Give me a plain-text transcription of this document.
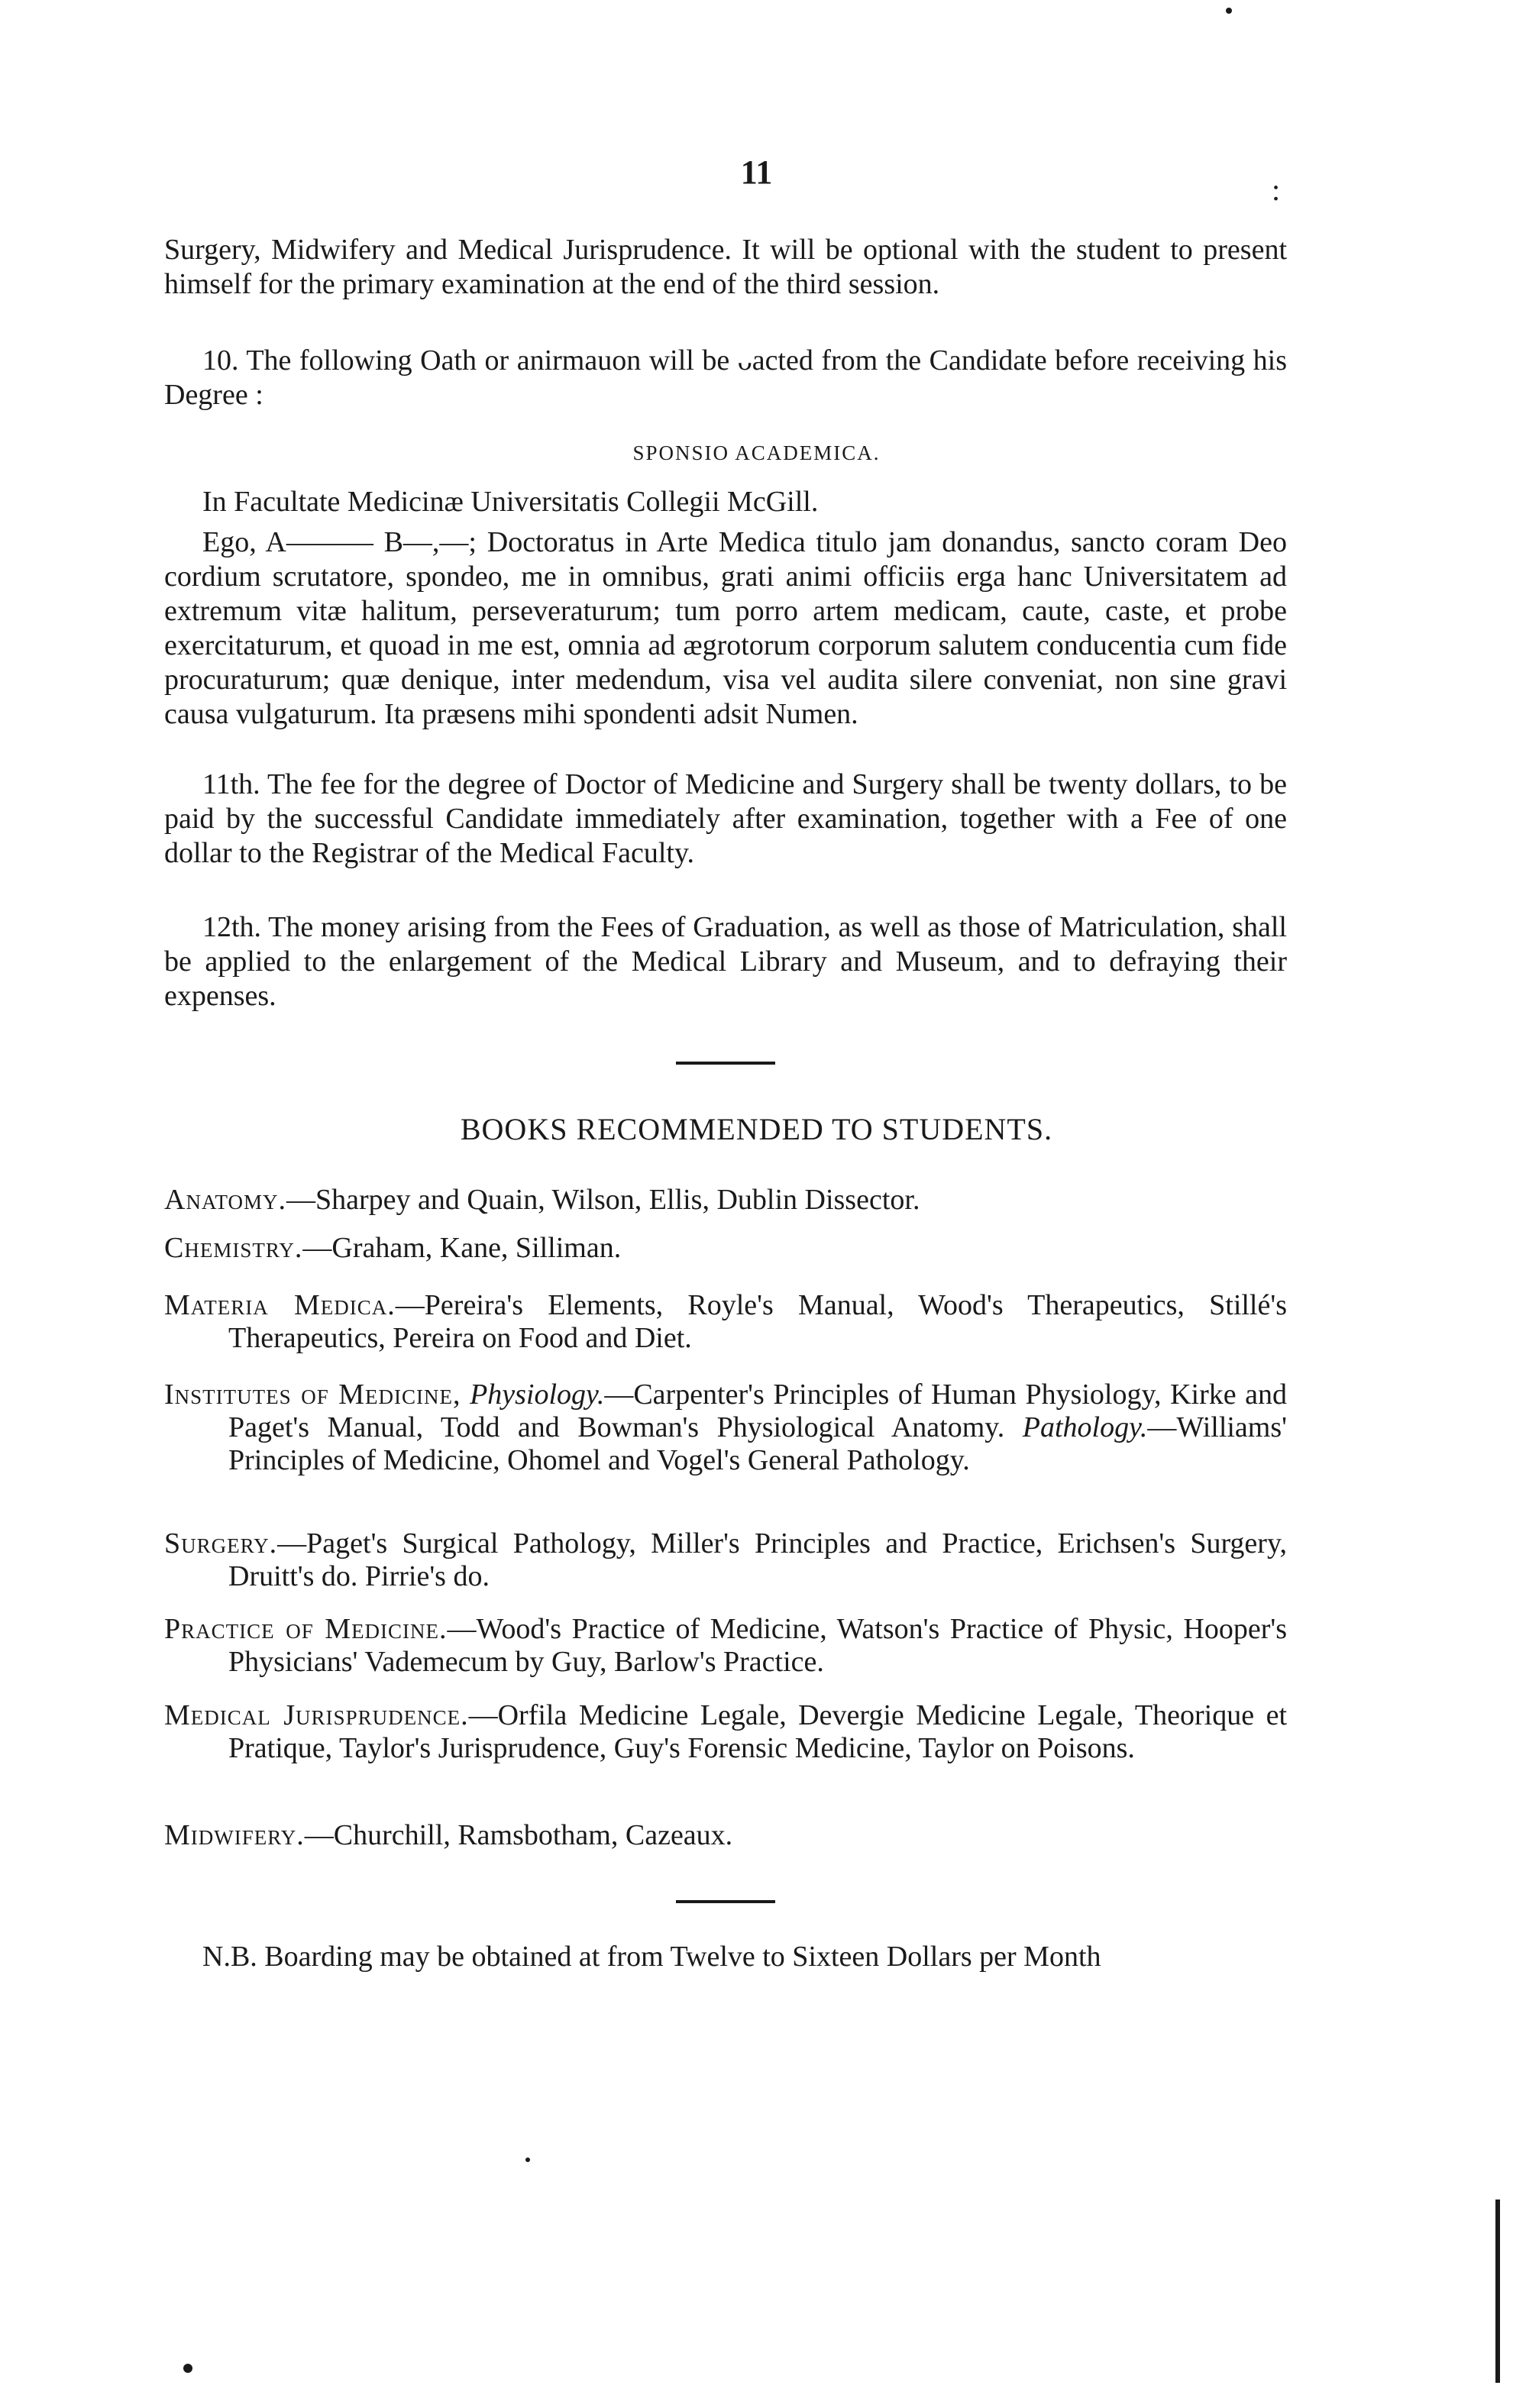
11	:
Surgery, Midwifery and Medical Jurisprudence. It will be optional with the student to present himself for the primary examination at the end of the third session.
10. The following Oath or anirmauon will be ᴗacted from the Candidate before receiving his Degree :
SPONSIO ACADEMICA.
In Facultate Medicinæ Universitatis Collegii McGill.
Ego, A——— B—,—; Doctoratus in Arte Medica titulo jam donandus, sancto coram Deo cordium scrutatore, spondeo, me in omnibus, grati animi officiis erga hanc Universitatem ad extremum vitæ halitum, perseveraturum; tum porro artem medicam, caute, caste, et probe exercitaturum, et quoad in me est, omnia ad ægrotorum corporum salutem conducentia cum fide procuraturum; quæ denique, inter medendum, visa vel audita silere conveniat, non sine gravi causa vulgaturum. Ita præsens mihi spondenti adsit Numen.
11th. The fee for the degree of Doctor of Medicine and Surgery shall be twenty dollars, to be paid by the successful Candidate immediately after examination, together with a Fee of one dollar to the Registrar of the Medical Faculty.
12th. The money arising from the Fees of Graduation, as well as those of Matriculation, shall be applied to the enlargement of the Medical Library and Museum, and to defraying their expenses.
BOOKS RECOMMENDED TO STUDENTS.
Anatomy.—Sharpey and Quain, Wilson, Ellis, Dublin Dissector.
Chemistry.—Graham, Kane, Silliman.
Materia Medica.—Pereira's Elements, Royle's Manual, Wood's Therapeutics, Stillé's Therapeutics, Pereira on Food and Diet.
Institutes of Medicine, Physiology.—Carpenter's Principles of Human Physiology, Kirke and Paget's Manual, Todd and Bowman's Physiological Anatomy. Pathology.—Williams' Principles of Medicine, Ohomel and Vogel's General Pathology.
Surgery.—Paget's Surgical Pathology, Miller's Principles and Practice, Erichsen's Surgery, Druitt's do. Pirrie's do.
Practice of Medicine.—Wood's Practice of Medicine, Watson's Practice of Physic, Hooper's Physicians' Vademecum by Guy, Barlow's Practice.
Medical Jurisprudence.—Orfila Medicine Legale, Devergie Medicine Legale, Theorique et Pratique, Taylor's Jurisprudence, Guy's Forensic Medicine, Taylor on Poisons.
Midwifery.—Churchill, Ramsbotham, Cazeaux.
N.B. Boarding may be obtained at from Twelve to Sixteen Dollars per Month
